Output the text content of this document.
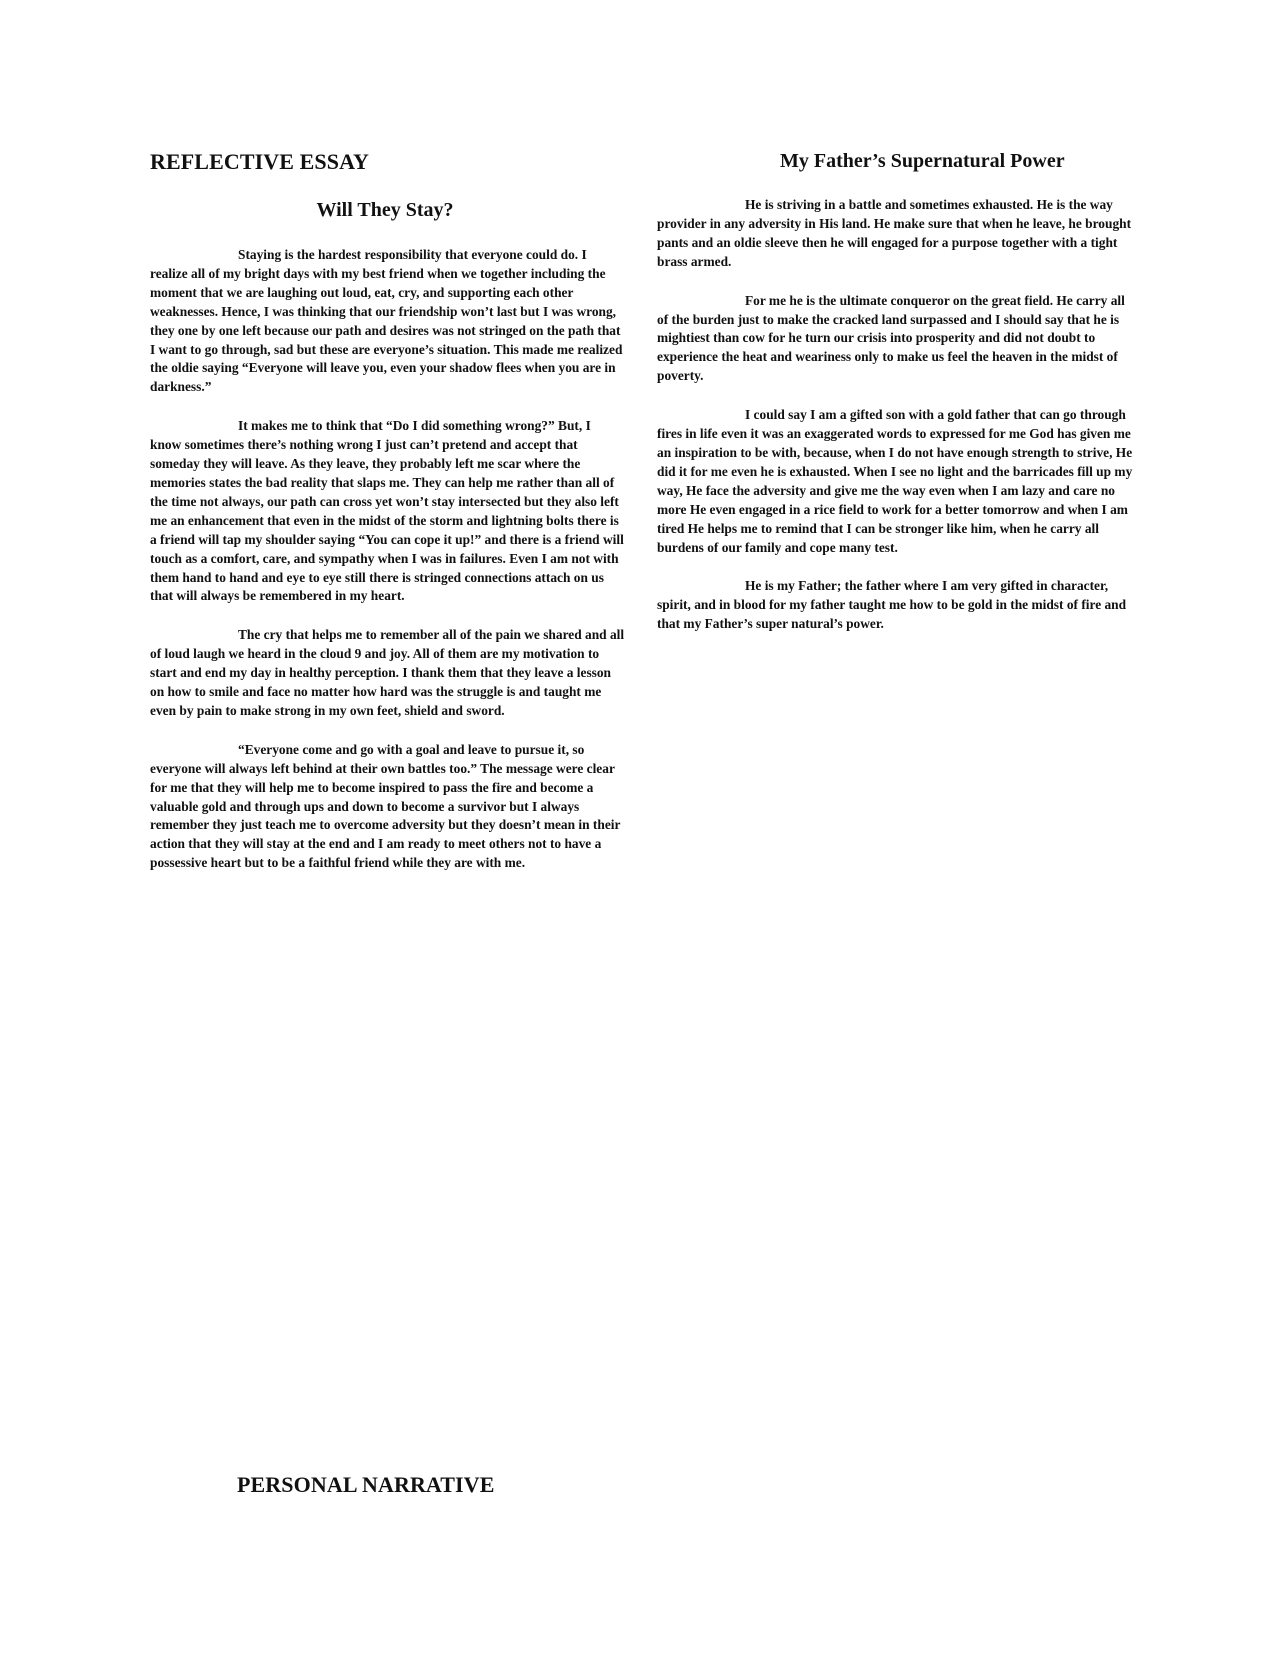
REFLECTIVE ESSAY
Will They Stay?

Staying is the hardest responsibility that everyone could do. I realize all of my bright days with my best friend when we together including the moment that we are laughing out loud, eat, cry, and supporting each other weaknesses. Hence, I was thinking that our friendship won’t last but I was wrong, they one by one left because our path and desires was not stringed on the path that I want to go through, sad but these are everyone’s situation. This made me realized the oldie saying “Everyone will leave you, even your shadow flees when you are in darkness.”

It makes me to think that “Do I did something wrong?” But, I know sometimes there’s nothing wrong I just can’t pretend and accept that someday they will leave. As they leave, they probably left me scar where the memories states the bad reality that slaps me. They can help me rather than all of the time not always, our path can cross yet won’t stay intersected but they also left me an enhancement that even in the midst of the storm and lightning bolts there is a friend will tap my shoulder saying “You can cope it up!” and there is a friend will touch as a comfort, care, and sympathy when I was in failures. Even I am not with them hand to hand and eye to eye still there is stringed connections attach on us that will always be remembered in my heart.

The cry that helps me to remember all of the pain we shared and all of loud laugh we heard in the cloud 9 and joy. All of them are my motivation to start and end my day in healthy perception. I thank them that they leave a lesson on how to smile and face no matter how hard was the struggle is and taught me even by pain to make strong in my own feet, shield and sword.

“Everyone come and go with a goal and leave to pursue it, so everyone will always left behind at their own battles too.” The message were clear for me that they will help me to become inspired to pass the fire and become a valuable gold and through ups and down to become a survivor but I always remember they just teach me to overcome adversity but they doesn’t mean in their action that they will stay at the end and I am ready to meet others not to have a possessive heart but to be a faithful friend while they are with me.

My Father’s Supernatural Power

He is striving in a battle and sometimes exhausted. He is the way provider in any adversity in His land. He make sure that when he leave, he brought pants and an oldie sleeve then he will engaged for a purpose together with a tight brass armed.

For me he is the ultimate conqueror on the great field. He carry all of the burden just to make the cracked land surpassed and I should say that he is mightiest than cow for he turn our crisis into prosperity and did not doubt to experience the heat and weariness only to make us feel the heaven in the midst of poverty.

I could say I am a gifted son with a gold father that can go through fires in life even it was an exaggerated words to expressed for me God has given me an inspiration to be with, because, when I do not have enough strength to strive, He did it for me even he is exhausted. When I see no light and the barricades fill up my way, He face the adversity and give me the way even when I am lazy and care no more He even engaged in a rice field to work for a better tomorrow and when I am tired He helps me to remind that I can be stronger like him, when he carry all burdens of our family and cope many test.

He is my Father; the father where I am very gifted in character, spirit, and in blood for my father taught me how to be gold in the midst of fire and that my Father’s super natural’s power.

PERSONAL NARRATIVE
